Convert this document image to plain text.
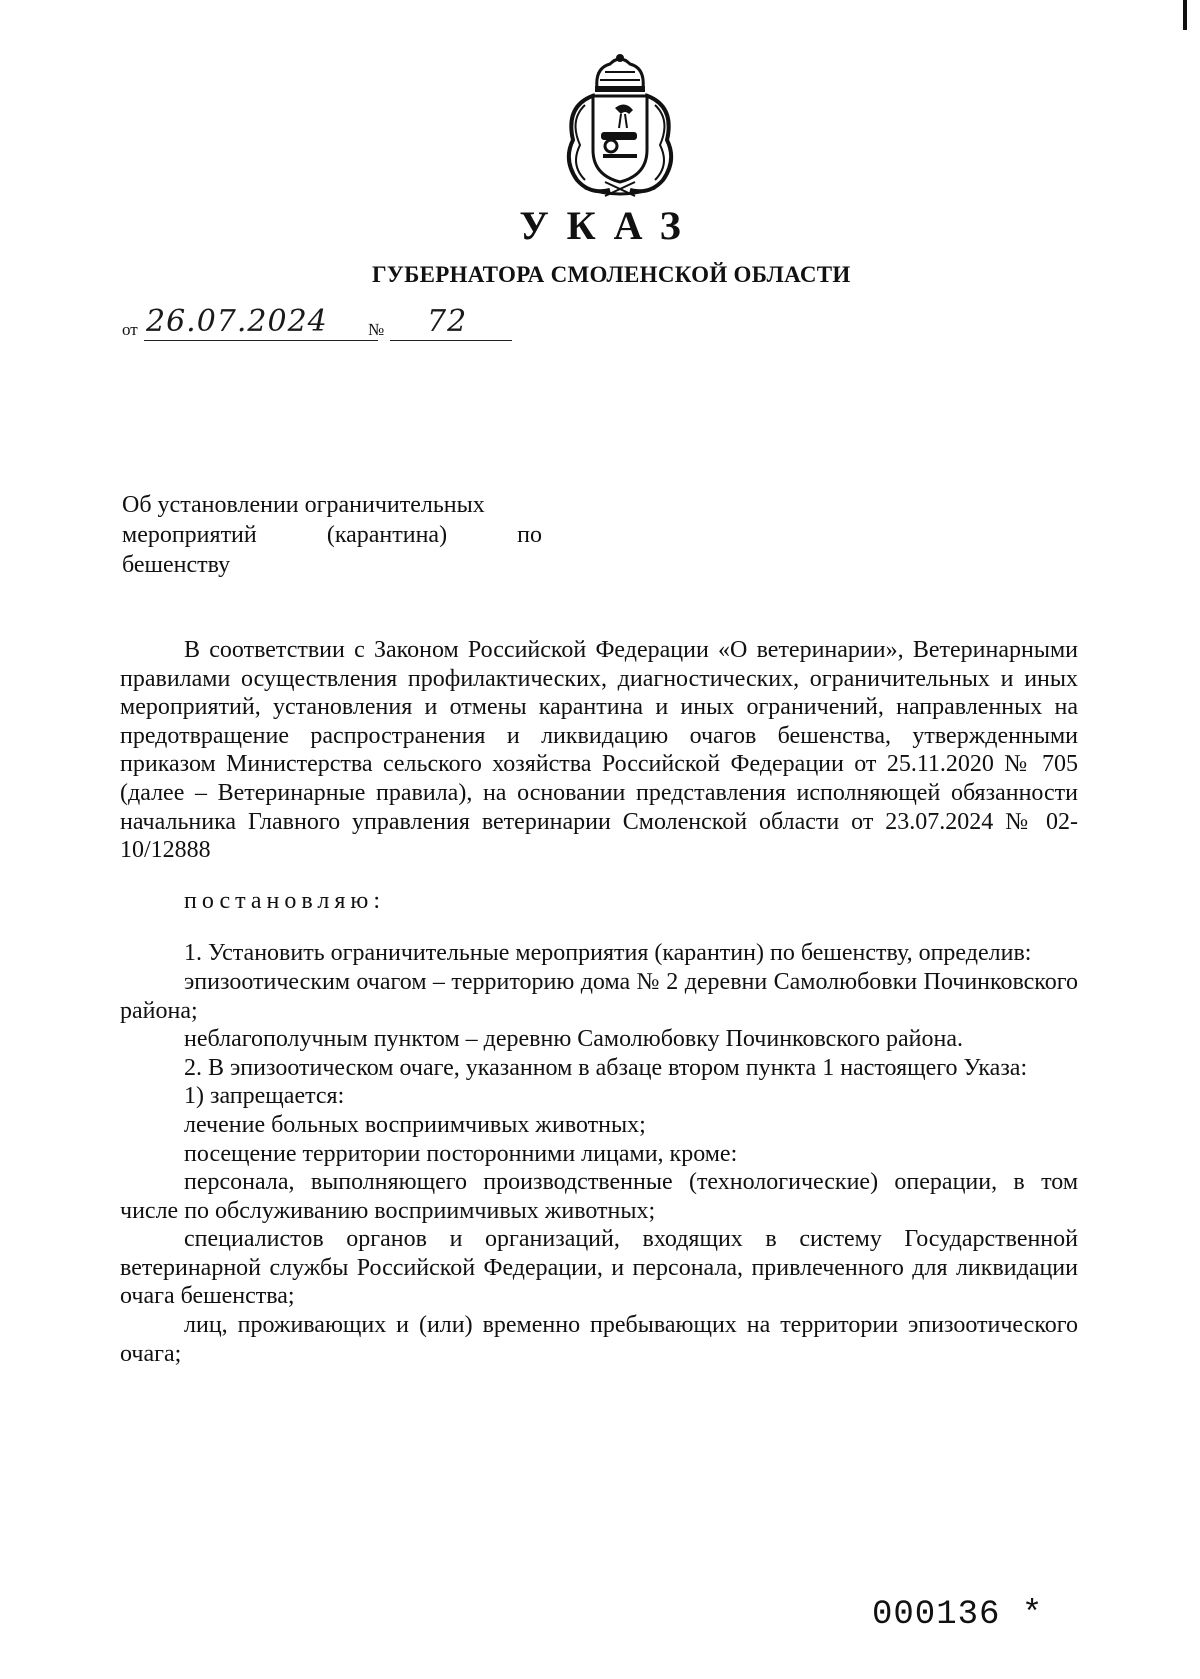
УКАЗ
ГУБЕРНАТОРА СМОЛЕНСКОЙ ОБЛАСТИ
от 26.07.2024 № 72
Об установлении ограничительных
мероприятий (карантина) по
бешенству

В соответствии с Законом Российской Федерации «О ветеринарии», Ветеринарными правилами осуществления профилактических, диагностических, ограничительных и иных мероприятий, установления и отмены карантина и иных ограничений, направленных на предотвращение распространения и ликвидацию очагов бешенства, утвержденными приказом Министерства сельского хозяйства Российской Федерации от 25.11.2020 № 705 (далее – Ветеринарные правила), на основании представления исполняющей обязанности начальника Главного управления ветеринарии Смоленской области от 23.07.2024 № 02-10/12888

постановляю:

1. Установить ограничительные мероприятия (карантин) по бешенству, определив:

эпизоотическим очагом – территорию дома № 2 деревни Самолюбовки Починковского района;

неблагополучным пунктом – деревню Самолюбовку Починковского района.

2. В эпизоотическом очаге, указанном в абзаце втором пункта 1 настоящего Указа:

1) запрещается:

лечение больных восприимчивых животных;

посещение территории посторонними лицами, кроме:

персонала, выполняющего производственные (технологические) операции, в том числе по обслуживанию восприимчивых животных;

специалистов органов и организаций, входящих в систему Государственной ветеринарной службы Российской Федерации, и персонала, привлеченного для ликвидации очага бешенства;

лиц, проживающих и (или) временно пребывающих на территории эпизоотического очага;

000136 *
